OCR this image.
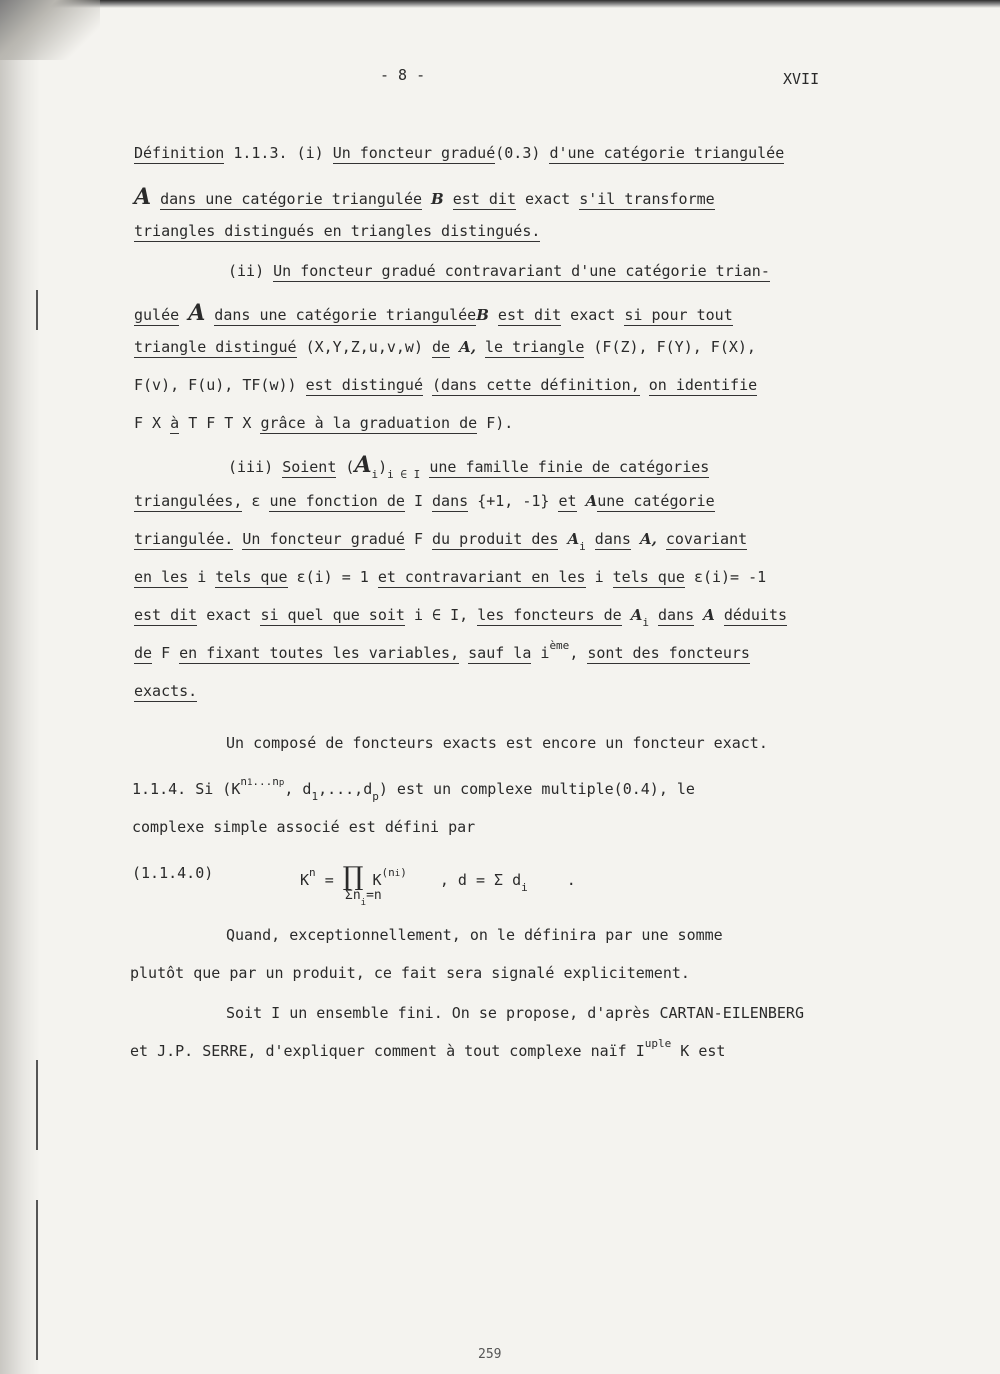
- 8 -	XVII
Définition 1.1.3. (i) Un foncteur gradué(0.3) d'une catégorie triangulée
A dans une catégorie triangulée B est dit exact s'il transforme
triangles distingués en triangles distingués.
(ii) Un foncteur gradué contravariant d'une catégorie trian-
gulée A dans une catégorie trianguléeB est dit exact si pour tout
triangle distingué (X,Y,Z,u,v,w) de A, le triangle (F(Z), F(Y), F(X),
F(v), F(u), TF(w)) est distingué (dans cette définition, on identifie
F X à T F T X grâce à la graduation de F).
(iii) Soient $(A_i)_{i \in I}$ une famille finie de catégories
triangulées, ε une fonction de I dans {+1, -1} et Aune catégorie
triangulée. Un foncteur gradué F du produit des $A_i$ dans A, covariant
en les i tels que ε(i) = 1 et contravariant en les i tels que ε(i)= -1
est dit exact si quel que soit i ∈ I, les foncteurs de $A_i$ dans A déduits
de F en fixant toutes les variables, sauf la $i^{ème}$, sont des foncteurs
exacts.
Un composé de foncteurs exacts est encore un foncteur exact.
1.1.4. Si ($K^{n1...np}$, $d_1,...,d_p$) est un complexe multiple(0.4), le
complexe simple associé est défini par
(1.1.4.0)	$K^n$ = ∏ $K^{(ni)}$ , d = Σ $d_i$	.
$\Sigma n_i=n$
Quand, exceptionnellement, on le définira par une somme
plutôt que par un produit, ce fait sera signalé explicitement.
Soit I un ensemble fini. On se propose, d'après CARTAN-EILENBERG
et J.P. SERRE, d'expliquer comment à tout complexe naïf $I^{uple}$ K est
259
